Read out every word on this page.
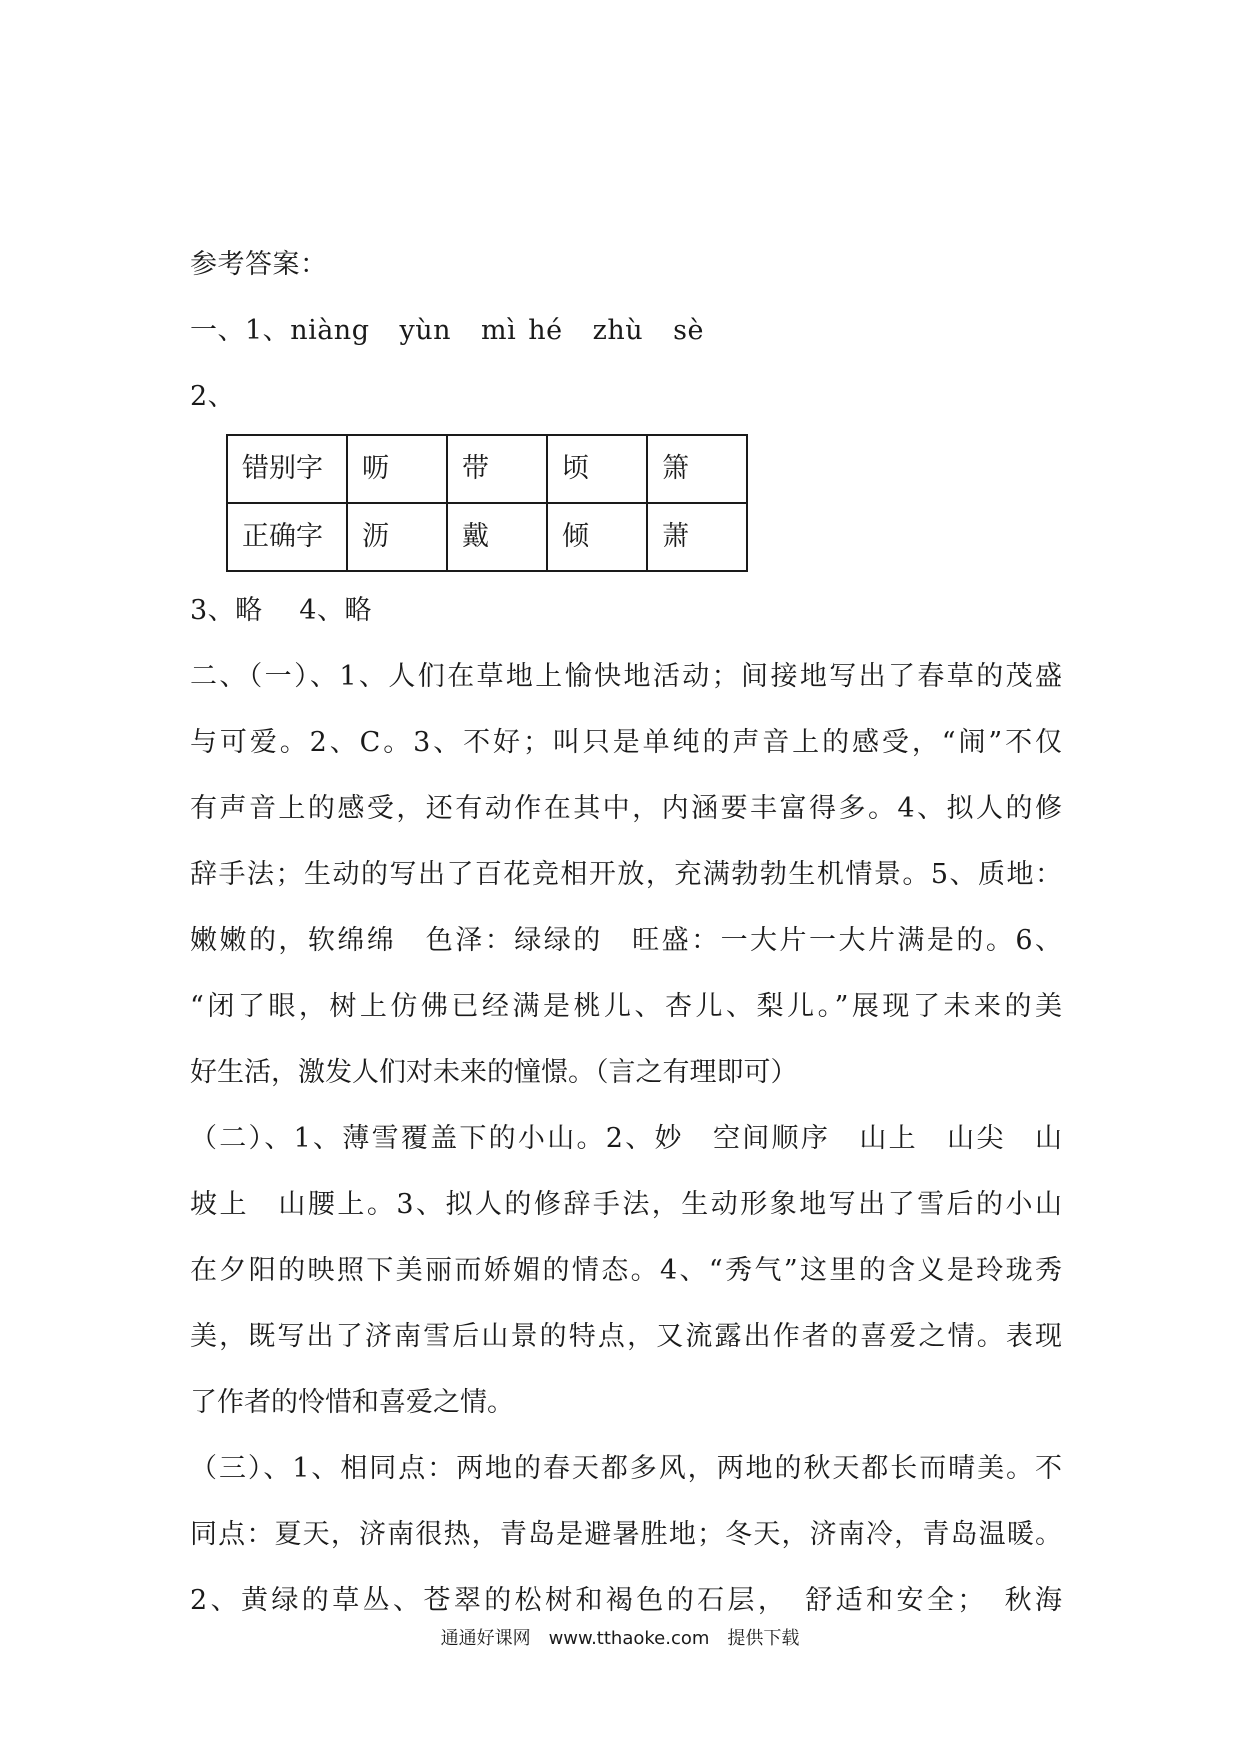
参考答案：
一、1、niàng yùn mì hé zhù sè
2、
错别字	呖	带	顷	箫
正确字	沥	戴	倾	萧
3、略　 4、略
二、（一）、1、人们在草地上愉快地活动；间接地写出了春草的茂盛
与可爱。2、C。3、不好；叫只是单纯的声音上的感受，“闹”不仅
有声音上的感受，还有动作在其中，内涵要丰富得多。4、拟人的修
辞手法；生动的写出了百花竞相开放，充满勃勃生机情景。5、质地：
嫩嫩的，软绵绵　色泽：绿绿的　旺盛：一大片一大片满是的。6、
“闭了眼，树上仿佛已经满是桃儿、杏儿、梨儿。”展现了未来的美
好生活，激发人们对未来的憧憬。（言之有理即可）
（二）、1、薄雪覆盖下的小山。2、妙　空间顺序　山上　山尖　山
坡上　山腰上。3、拟人的修辞手法，生动形象地写出了雪后的小山
在夕阳的映照下美丽而娇媚的情态。4、“秀气”这里的含义是玲珑秀
美，既写出了济南雪后山景的特点，又流露出作者的喜爱之情。表现
了作者的怜惜和喜爱之情。
（三）、1、相同点：两地的春天都多风，两地的秋天都长而晴美。不
同点：夏天，济南很热，青岛是避暑胜地；冬天，济南冷，青岛温暖。
2、黄绿的草丛、苍翠的松树和褐色的石层，　舒适和安全；　秋海
通通好课网　www.tthaoke.com　提供下载
